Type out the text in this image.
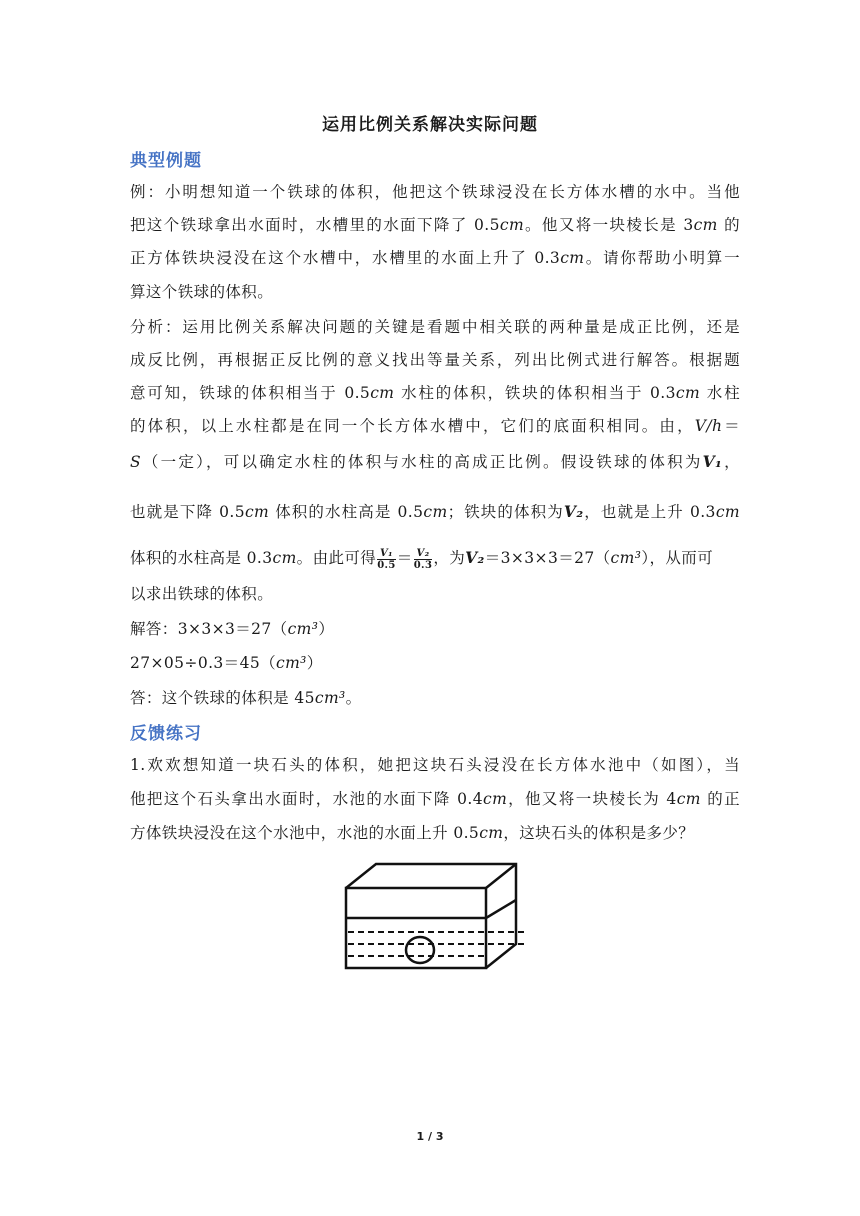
运用比例关系解决实际问题
典型例题
例：小明想知道一个铁球的体积，他把这个铁球浸没在长方体水槽的水中。当他
把这个铁球拿出水面时，水槽里的水面下降了 0.5cm。他又将一块棱长是 3cm 的
正方体铁块浸没在这个水槽中，水槽里的水面上升了 0.3cm。请你帮助小明算一
算这个铁球的体积。
分析：运用比例关系解决问题的关键是看题中相关联的两种量是成正比例，还是
成反比例，再根据正反比例的意义找出等量关系，列出比例式进行解答。根据题
意可知，铁球的体积相当于 0.5cm 水柱的体积，铁块的体积相当于 0.3cm 水柱
的体积，以上水柱都是在同一个长方体水槽中，它们的底面积相同。由，V/h＝
S（一定），可以确定水柱的体积与水柱的高成正比例。假设铁球的体积为V₁，
也就是下降 0.5cm 体积的水柱高是 0.5cm；铁块的体积为V₂，也就是上升 0.3cm
体积的水柱高是 0.3cm。由此可得 $\frac{\text{V₁}}{0.5} = \frac{\text{V₂}}{0.3}$ ，为V₂＝3×3×3＝27（cm³），从而可
以求出铁球的体积。
解答：3×3×3＝27（cm³）
27×05÷0.3＝45（cm³）
答：这个铁球的体积是 45cm³。
反馈练习
1.欢欢想知道一块石头的体积，她把这块石头浸没在长方体水池中（如图），当
他把这个石头拿出水面时，水池的水面下降 0.4cm，他又将一块棱长为 4cm 的正
方体铁块浸没在这个水池中，水池的水面上升 0.5cm，这块石头的体积是多少？
1 / 3
